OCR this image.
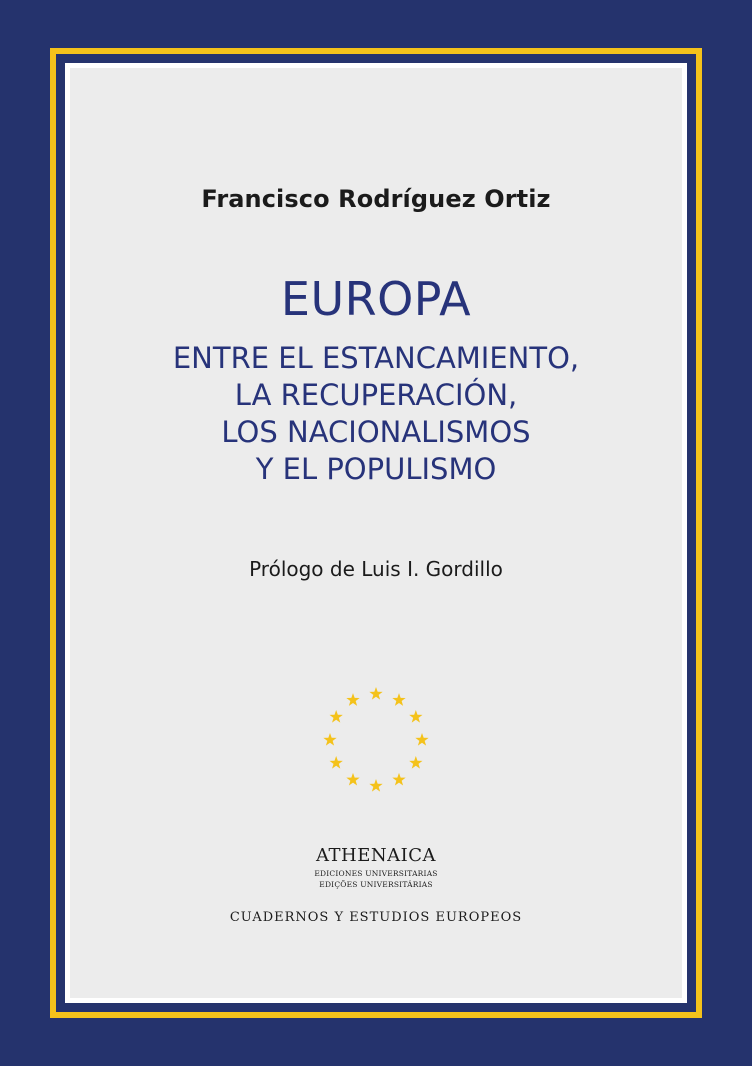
Francisco Rodríguez Ortiz
EUROPA
ENTRE EL ESTANCAMIENTO,
LA RECUPERACIÓN,
LOS NACIONALISMOS
Y EL POPULISMO
Prólogo de Luis I. Gordillo
ATHENAICA
EDICIONES UNIVERSITARIAS
EDIÇÕES UNIVERSITÁRIAS
CUADERNOS Y ESTUDIOS EUROPEOS
